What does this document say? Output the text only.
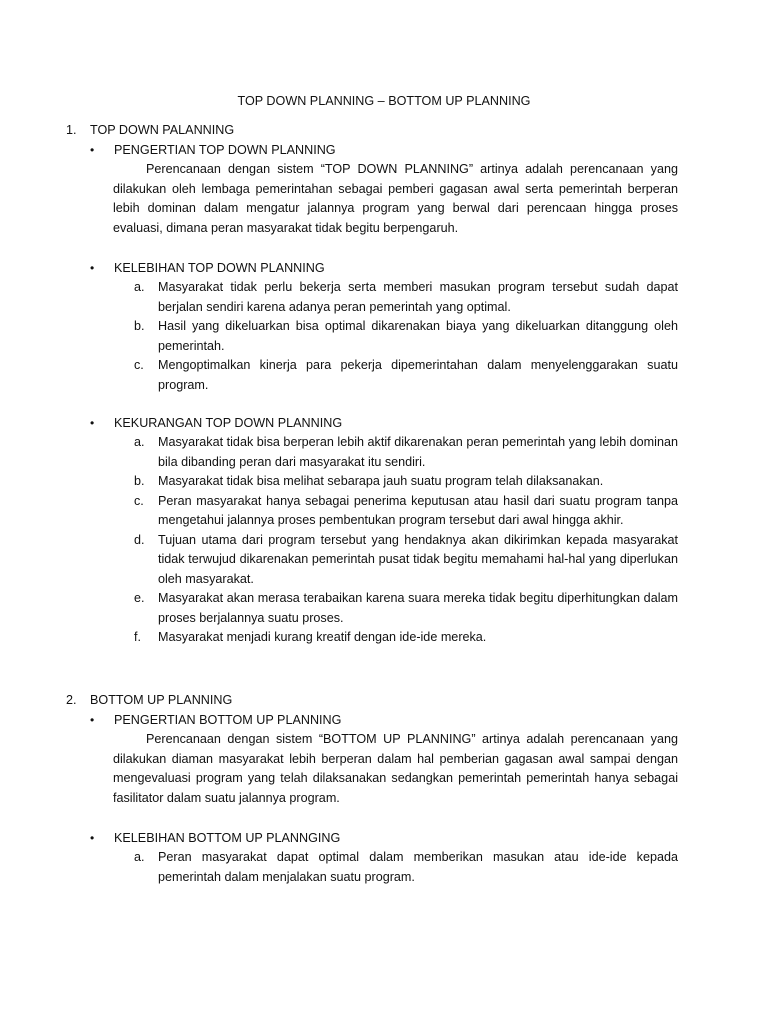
TOP DOWN PLANNING – BOTTOM UP PLANNING
1. TOP DOWN PALANNING
• PENGERTIAN TOP DOWN PLANNING
Perencanaan dengan sistem “TOP DOWN PLANNING” artinya adalah perencanaan yang dilakukan oleh lembaga pemerintahan sebagai pemberi gagasan awal serta pemerintah berperan lebih dominan dalam mengatur jalannya program yang berwal dari perencaan hingga proses evaluasi, dimana peran masyarakat tidak begitu berpengaruh.
• KELEBIHAN TOP DOWN PLANNING
a. Masyarakat tidak perlu bekerja serta memberi masukan program tersebut sudah dapat berjalan sendiri karena adanya peran pemerintah yang optimal.
b. Hasil yang dikeluarkan bisa optimal dikarenakan biaya yang dikeluarkan ditanggung oleh pemerintah.
c. Mengoptimalkan kinerja para pekerja dipemerintahan dalam menyelenggarakan suatu program.
• KEKURANGAN TOP DOWN PLANNING
a. Masyarakat tidak bisa berperan lebih aktif dikarenakan peran pemerintah yang lebih dominan bila dibanding peran dari masyarakat itu sendiri.
b. Masyarakat tidak bisa melihat sebarapa jauh suatu program telah dilaksanakan.
c. Peran masyarakat hanya sebagai penerima keputusan atau hasil dari suatu program tanpa mengetahui jalannya proses pembentukan program tersebut dari awal hingga akhir.
d. Tujuan utama dari program tersebut yang hendaknya akan dikirimkan kepada masyarakat tidak terwujud dikarenakan pemerintah pusat tidak begitu memahami hal-hal yang diperlukan oleh masyarakat.
e. Masyarakat akan merasa terabaikan karena suara mereka tidak begitu diperhitungkan dalam proses berjalannya suatu proses.
f. Masyarakat menjadi kurang kreatif dengan ide-ide mereka.
2. BOTTOM UP PLANNING
• PENGERTIAN BOTTOM UP PLANNING
Perencanaan dengan sistem “BOTTOM UP PLANNING” artinya adalah perencanaan yang dilakukan diaman masyarakat lebih berperan dalam hal pemberian gagasan awal sampai dengan mengevaluasi program yang telah dilaksanakan sedangkan pemerintah pemerintah hanya sebagai fasilitator dalam suatu jalannya program.
• KELEBIHAN BOTTOM UP PLANNGING
a. Peran masyarakat dapat optimal dalam memberikan masukan atau ide-ide kepada pemerintah dalam menjalakan suatu program.
